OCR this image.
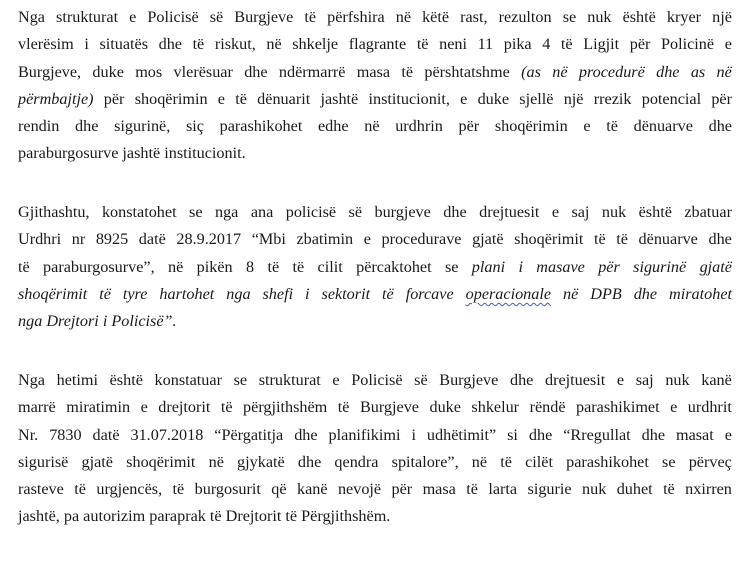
Nga strukturat e Policisë së Burgjeve të përfshira në këtë rast, rezulton se nuk është kryer një
vlerësim i situatës dhe të riskut, në shkelje flagrante të neni 11 pika 4 të Ligjit për Policinë e
Burgjeve, duke mos vlerësuar dhe ndërmarrë masa të përshtatshme (as në procedurë dhe as në
përmbajtje) për shoqërimin e të dënuarit jashtë institucionit, e duke sjellë një rrezik potencial për
rendin dhe sigurinë, siç parashikohet edhe në urdhrin për shoqërimin e të dënuarve dhe
paraburgosurve jashtë institucionit.
Gjithashtu, konstatohet se nga ana policisë së burgjeve dhe drejtuesit e saj nuk është zbatuar
Urdhri nr 8925 datë 28.9.2017 “Mbi zbatimin e procedurave gjatë shoqërimit të të dënuarve dhe
të paraburgosurve”, në pikën 8 të të cilit përcaktohet se plani i masave për sigurinë gjatë
shoqërimit të tyre hartohet nga shefi i sektorit të forcave operacionale në DPB dhe miratohet
nga Drejtori i Policisë”.
Nga hetimi është konstatuar se strukturat e Policisë së Burgjeve dhe drejtuesit e saj nuk kanë
marrë miratimin e drejtorit të përgjithshëm të Burgjeve duke shkelur rëndë parashikimet e urdhrit
Nr. 7830 datë 31.07.2018 “Përgatitja dhe planifikimi i udhëtimit” si dhe “Rregullat dhe masat e
sigurisë gjatë shoqërimit në gjykatë dhe qendra spitalore”, në të cilët parashikohet se përveç
rasteve të urgjencës, të burgosurit që kanë nevojë për masa të larta sigurie nuk duhet të nxirren
jashtë, pa autorizim paraprak të Drejtorit të Përgjithshëm.
